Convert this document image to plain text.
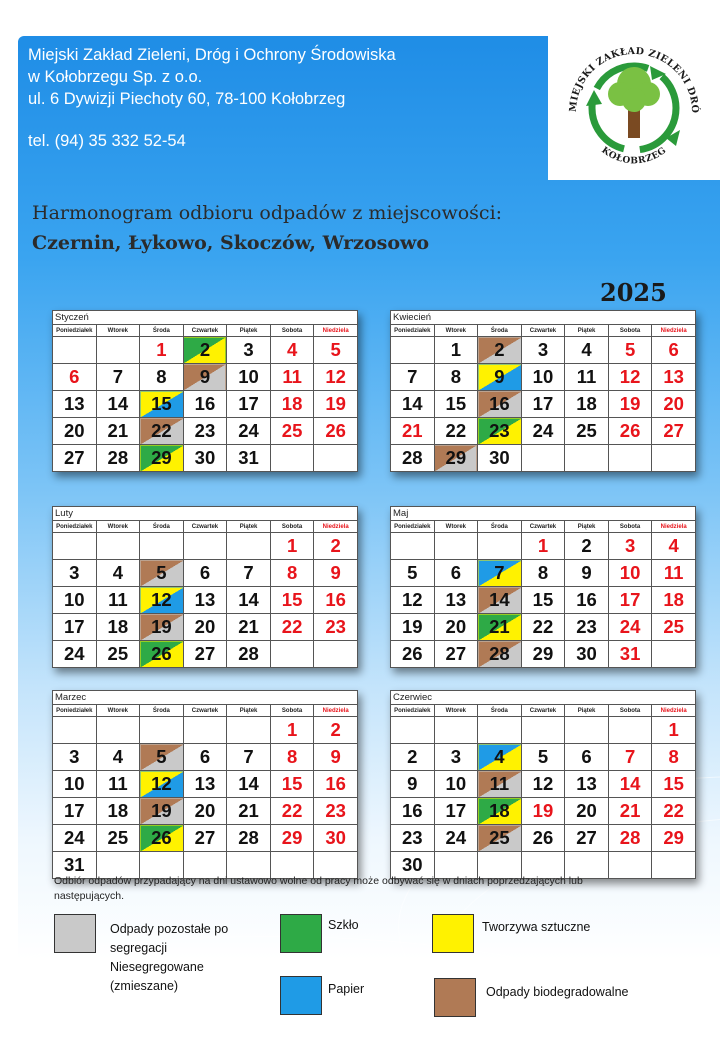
Miejski Zakład Zieleni, Dróg i Ochrony Środowiska
w Kołobrzegu Sp. z o.o.
ul. 6 Dywizji Piechoty 60, 78-100 Kołobrzeg
tel. (94) 35 332 52-54
MIEJSKI ZAKŁAD ZIELENI DRÓ
KOŁOBRZEG
Harmonogram odbioru odpadów z miejscowości:
Czernin, Łykowo, Skoczów, Wrzosowo
2025
Styczeń
Poniedziałek	Wtorek	Środa	Czwartek	Piątek	Sobota	Niedziela
		1	2	3	4	5
6	7	8	9	10	11	12
13	14	15	16	17	18	19
20	21	22	23	24	25	26
27	28	29	30	31		
Kwiecień
Poniedziałek	Wtorek	Środa	Czwartek	Piątek	Sobota	Niedziela
	1	2	3	4	5	6
7	8	9	10	11	12	13
14	15	16	17	18	19	20
21	22	23	24	25	26	27
28	29	30				
Luty
Poniedziałek	Wtorek	Środa	Czwartek	Piątek	Sobota	Niedziela
					1	2
3	4	5	6	7	8	9
10	11	12	13	14	15	16
17	18	19	20	21	22	23
24	25	26	27	28		
Maj
Poniedziałek	Wtorek	Środa	Czwartek	Piątek	Sobota	Niedziela
			1	2	3	4
5	6	7	8	9	10	11
12	13	14	15	16	17	18
19	20	21	22	23	24	25
26	27	28	29	30	31	
Marzec
Poniedziałek	Wtorek	Środa	Czwartek	Piątek	Sobota	Niedziela
					1	2
3	4	5	6	7	8	9
10	11	12	13	14	15	16
17	18	19	20	21	22	23
24	25	26	27	28	29	30
31						
Czerwiec
Poniedziałek	Wtorek	Środa	Czwartek	Piątek	Sobota	Niedziela
						1
2	3	4	5	6	7	8
9	10	11	12	13	14	15
16	17	18	19	20	21	22
23	24	25	26	27	28	29
30						
Odbiór odpadów przypadający na dni ustawowo wolne od pracy może odbywać się w dniach poprzedzających lub następujących.
Odpady pozostałe po segregacji Niesegregowane (zmieszane)
Szkło	Tworzywa sztuczne
Papier	Odpady biodegradowalne
